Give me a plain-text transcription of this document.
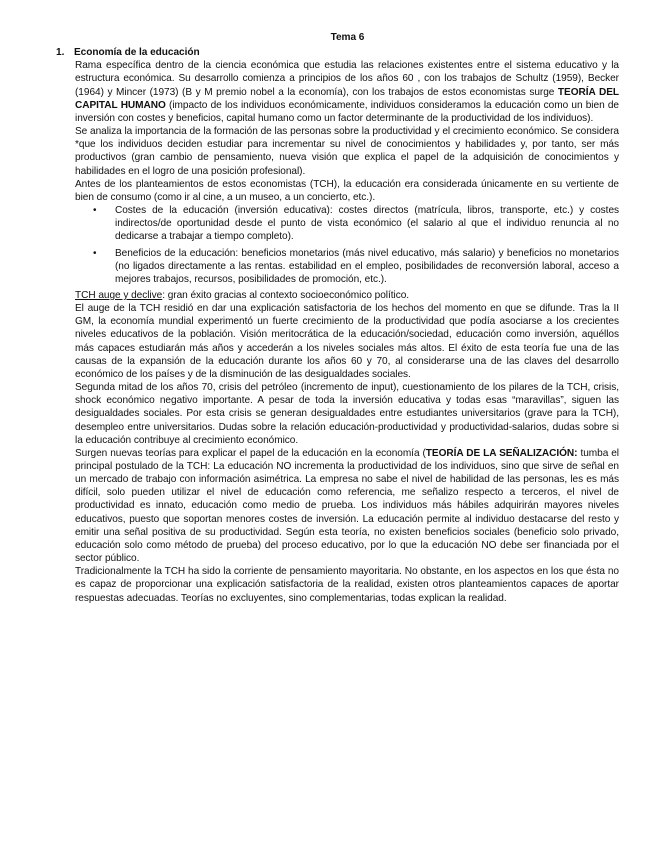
Tema 6
1. Economía de la educación

Rama específica dentro de la ciencia económica que estudia las relaciones existentes entre el sistema educativo y la estructura económica. Su desarrollo comienza a principios de los años 60 , con los trabajos de Schultz (1959), Becker (1964) y Mincer (1973) (B y M premio nobel a la economía), con los trabajos de estos economistas surge TEORÍA DEL CAPITAL HUMANO (impacto de los individuos económicamente, individuos consideramos la educación como un bien de inversión con costes y beneficios, capital humano como un factor determinante de la productividad de los individuos).

Se analiza la importancia de la formación de las personas sobre la productividad y el crecimiento económico. Se considera *que los individuos deciden estudiar para incrementar su nivel de conocimientos y habilidades y, por tanto, ser más productivos (gran cambio de pensamiento, nueva visión que explica el papel de la adquisición de conocimientos y habilidades en el logro de una posición profesional).

Antes de los planteamientos de estos economistas (TCH), la educación era considerada únicamente en su vertiente de bien de consumo (como ir al cine, a un museo, a un concierto, etc.).

• Costes de la educación (inversión educativa): costes directos (matrícula, libros, transporte, etc.) y costes indirectos/de oportunidad desde el punto de vista económico (el salario al que el individuo renuncia al no dedicarse a trabajar a tiempo completo).
• Beneficios de la educación: beneficios monetarios (más nivel educativo, más salario) y beneficios no monetarios (no ligados directamente a las rentas. estabilidad en el empleo, posibilidades de reconversión laboral, acceso a mejores trabajos, recursos, posibilidades de promoción, etc.).

TCH auge y declive: gran éxito gracias al contexto socioeconómico político.

El auge de la TCH residió en dar una explicación satisfactoria de los hechos del momento en que se difunde. Tras la II GM, la economía mundial experimentó un fuerte crecimiento de la productividad que podía asociarse a los crecientes niveles educativos de la población. Visión meritocrática de la educación/sociedad, educación como inversión, aquéllos más capaces estudiarán más años y accederán a los niveles sociales más altos. El éxito de esta teoría fue una de las causas de la expansión de la educación durante los años 60 y 70, al considerarse una de las claves del desarrollo económico de los países y de la disminución de las desigualdades sociales.

Segunda mitad de los años 70, crisis del petróleo (incremento de input), cuestionamiento de los pilares de la TCH, crisis, shock económico negativo importante. A pesar de toda la inversión educativa y todas esas “maravillas”, siguen las desigualdades sociales. Por esta crisis se generan desigualdades entre estudiantes universitarios (grave para la TCH), desempleo entre universitarios. Dudas sobre la relación educación-productividad y productividad-salarios, dudas sobre si la educación contribuye al crecimiento económico.

Surgen nuevas teorías para explicar el papel de la educación en la economía (TEORÍA DE LA SEÑALIZACIÓN: tumba el principal postulado de la TCH: La educación NO incrementa la productividad de los individuos, sino que sirve de señal en un mercado de trabajo con información asimétrica. La empresa no sabe el nivel de habilidad de las personas, les es más difícil, solo pueden utilizar el nivel de educación como referencia, me señalizo respecto a terceros, el nivel de productividad es innato, educación como medio de prueba. Los individuos más hábiles adquirirán mayores niveles educativos, puesto que soportan menores costes de inversión. La educación permite al individuo destacarse del resto y emitir una señal positiva de su productividad. Según esta teoría, no existen beneficios sociales (beneficio solo privado, educación solo como método de prueba) del proceso educativo, por lo que la educación NO debe ser financiada por el sector público.

Tradicionalmente la TCH ha sido la corriente de pensamiento mayoritaria. No obstante, en los aspectos en los que ésta no es capaz de proporcionar una explicación satisfactoria de la realidad, existen otros planteamientos capaces de aportar respuestas adecuadas. Teorías no excluyentes, sino complementarias, todas explican la realidad.
